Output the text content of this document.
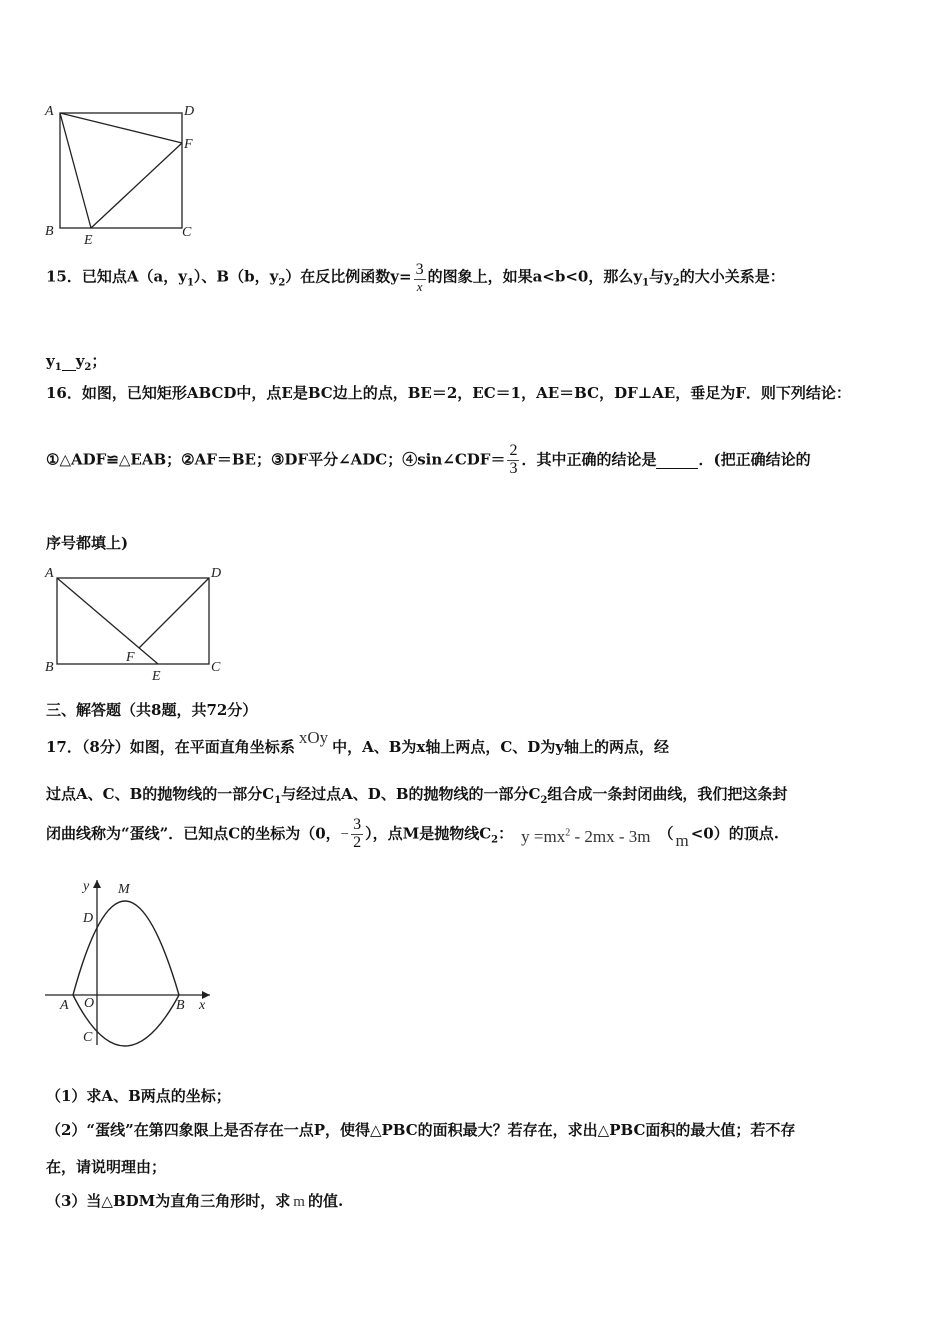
A	D
F
B
E
C
15．已知点A（a，$y_1$）、B（b，$y_2$）在反比例函数$y= \frac{3}{x}$ 的图象上，如果a<b<0，那么$y_1$与$y_2$的大小关系是：
$y_1$ $y_2$；
16．如图，已知矩形ABCD中，点E是BC边上的点，BE＝2，EC＝1，AE＝BC，DF⊥AE，垂足为F．则下列结论：
①△ADF≌△EAB；②AF＝BE；③DF平分∠ADC；④sin∠CDF＝ $\frac{2}{3}$ ．其中正确的结论是	．(把正确结论的
序号都填上)
A	D
B
F
E
C
三、解答题（共8题，共72分）
17．（8分）如图，在平面直角坐标系 xOy 中，A、B为x轴上两点，C、D为y轴上的两点，经
过点A、C、B的抛物线的一部分$C_1$与经过点A、D、B的抛物线的一部分$C_2$组合成一条封闭曲线，我们把这条封
闭曲线称为“蛋线”．已知点C的坐标为（0，− $\frac{3}{2}$ ），点M是抛物线$C_2$： $y =mx^2 - 2mx - 3m$ （ m <0）的顶点.
y M
D
A O	B x
C
（1）求A、B两点的坐标；
（2）“蛋线”在第四象限上是否存在一点P，使得△PBC的面积最大？若存在，求出△PBC面积的最大值；若不存
在，请说明理由；
（3）当△BDM为直角三角形时，求 m 的值.
